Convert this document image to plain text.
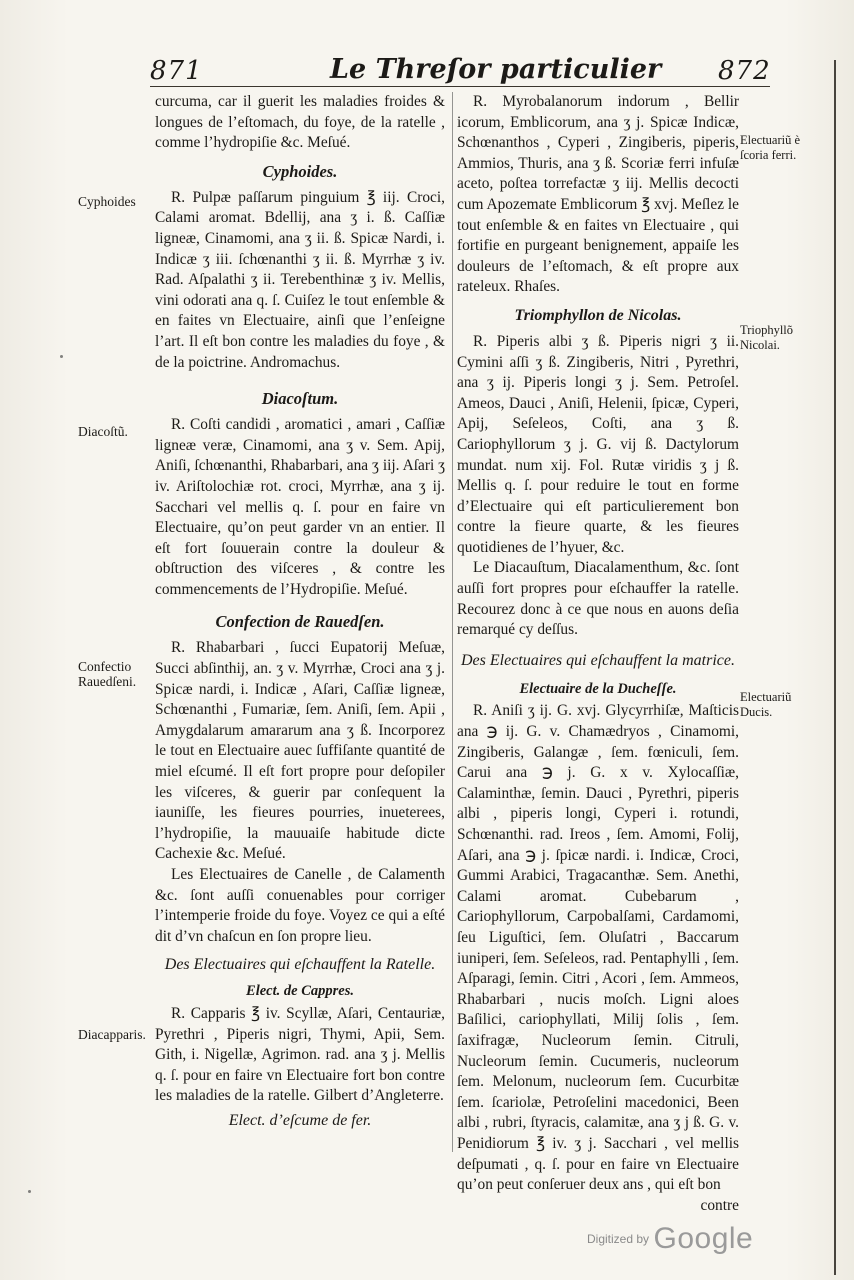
871	Le Threſor particulier 872

curcuma, car il guerit les maladies froides & longues de l’eſtomach, du foye, de la ratelle , comme l’hydropiſie &c. Meſué.

Cyphoides.

R. Pulpæ paſſarum pinguium ℥ iij. Croci, Calami aromat. Bdellij, ana ʒ i. ß. Caſſiæ ligneæ, Cinamomi, ana ʒ ii. ß. Spicæ Nardi, i. Indicæ ʒ iii. ſchœnanthi ʒ ii. ß. Myrrhæ ʒ iv. Rad. Aſpalathi ʒ ii. Terebenthinæ ʒ iv. Mellis, vini odorati ana q. ſ. Cuiſez le tout enſemble & en faites vn Electuaire, ainſi que l’enſeigne l’art. Il eſt bon contre les maladies du foye , & de la poictrine. Andromachus.

Diacoſtum.

R. Coſti candidi , aromatici , amari , Caſſiæ ligneæ veræ, Cinamomi, ana ʒ v. Sem. Apij, Aniſi, ſchœnanthi, Rhabarbari, ana ʒ iij. Aſari ʒ iv. Ariſtolochiæ rot. croci, Myrrhæ, ana ʒ ij. Sacchari vel mellis q. ſ. pour en faire vn Electuaire, qu’on peut garder vn an entier. Il eſt fort ſouuerain contre la douleur & obſtruction des viſceres , & contre les commencements de l’Hydropiſie. Meſué.

Confection de Rauedſen.

R. Rhabarbari , ſucci Eupatorij Meſuæ, Succi abſinthij, an. ʒ v. Myrrhæ, Croci ana ʒ j. Spicæ nardi, i. Indicæ , Aſari, Caſſiæ ligneæ, Schœnanthi , Fumariæ, ſem. Aniſi, ſem. Apii , Amygdalarum amararum ana ʒ ß. Incorporez le tout en Electuaire auec ſuffiſante quantité de miel eſcumé. Il eſt fort propre pour deſopiler les viſceres, & guerir par conſequent la iauniſſe, les fieures pourries, inueterees, l’hydropiſie, la mauuaiſe habitude dicte Cachexie &c. Meſué.

Les Electuaires de Canelle , de Calamenth &c. ſont auſſi conuenables pour corriger l’intemperie froide du foye. Voyez ce qui a eſté dit d’vn chaſcun en ſon propre lieu.

Des Electuaires qui eſchauffent la Ratelle.
Elect. de Cappres.

R. Capparis ℥ iv. Scyllæ, Aſari, Centauriæ, Pyrethri , Piperis nigri, Thymi, Apii, Sem. Gith, i. Nigellæ, Agrimon. rad. ana ʒ j. Mellis q. ſ. pour en faire vn Electuaire fort bon contre les maladies de la ratelle. Gilbert d’Angleterre.

Elect. d’eſcume de fer.

R. Myrobalanorum indorum , Bellir icorum, Emblicorum, ana ʒ j. Spicæ Indicæ, Schœnanthos , Cyperi , Zingiberis, piperis, Ammios, Thuris, ana ʒ ß. Scoriæ ferri infuſæ aceto, poſtea torrefactæ ʒ iij. Mellis decocti cum Apozemate Emblicorum ℥ xvj. Meſlez le tout enſemble & en faites vn Electuaire , qui fortifie en purgeant benignement, appaiſe les douleurs de l’eſtomach, & eſt propre aux rateleux. Rhaſes.

Triomphyllon de Nicolas.

R. Piperis albi ʒ ß. Piperis nigri ʒ ii. Cymini aſſi ʒ ß. Zingiberis, Nitri , Pyrethri, ana ʒ ij. Piperis longi ʒ j. Sem. Petroſel. Ameos, Dauci , Aniſi, Helenii, ſpicæ, Cyperi, Apij, Seſeleos, Coſti, ana ʒ ß. Cariophyllorum ʒ j. G. vij ß. Dactylorum mundat. num xij. Fol. Rutæ viridis ʒ j ß. Mellis q. ſ. pour reduire le tout en forme d’Electuaire qui eſt particulierement bon contre la fieure quarte, & les fieures quotidienes de l’hyuer, &c.

Le Diacauſtum, Diacalamenthum, &c. ſont auſſi fort propres pour eſchauffer la ratelle. Recourez donc à ce que nous en auons deſia remarqué cy deſſus.

Des Electuaires qui eſchauffent la matrice.
Electuaire de la Ducheſſe.

R. Aniſi ʒ ij. G. xvj. Glycyrrhiſæ, Maſticis ana ℈ ij. G. v. Chamædryos , Cinamomi, Zingiberis, Galangæ , ſem. fœniculi, ſem. Carui ana ℈ j. G. x v. Xylocaſſiæ, Calaminthæ, ſemin. Dauci , Pyrethri, piperis albi , piperis longi, Cyperi i. rotundi, Schœnanthi. rad. Ireos , ſem. Amomi, Folij, Aſari, ana ℈ j. ſpicæ nardi. i. Indicæ, Croci, Gummi Arabici, Tragacanthæ. Sem. Anethi, Calami aromat. Cubebarum , Cariophyllorum, Carpobalſami, Cardamomi, ſeu Liguſtici, ſem. Oluſatri , Baccarum iuniperi, ſem. Seſeleos, rad. Pentaphylli , ſem. Aſparagi, ſemin. Citri , Acori , ſem. Ammeos, Rhabarbari , nucis moſch. Ligni aloes Baſilici, cariophyllati, Milij ſolis , ſem. ſaxifragæ, Nucleorum ſemin. Citruli, Nucleorum ſemin. Cucumeris, nucleorum ſem. Melonum, nucleorum ſem. Cucurbitæ ſem. ſcariolæ, Petroſelini macedonici, Been albi , rubri, ſtyracis, calamitæ, ana ʒ j ß. G. v. Penidiorum ℥ iv. ʒ j. Sacchari , vel mellis deſpumati , q. ſ. pour en faire vn Electuaire qu’on peut conſeruer deux ans , qui eſt bon

contre

Cyphoides
Diacoſtũ.
Confectio Rauedſeni.
Diacapparis.
Electuariũ è ſcoria ferri.
Triophyllõ Nicolai.
Electuariũ Ducis.
Digitized by Google
